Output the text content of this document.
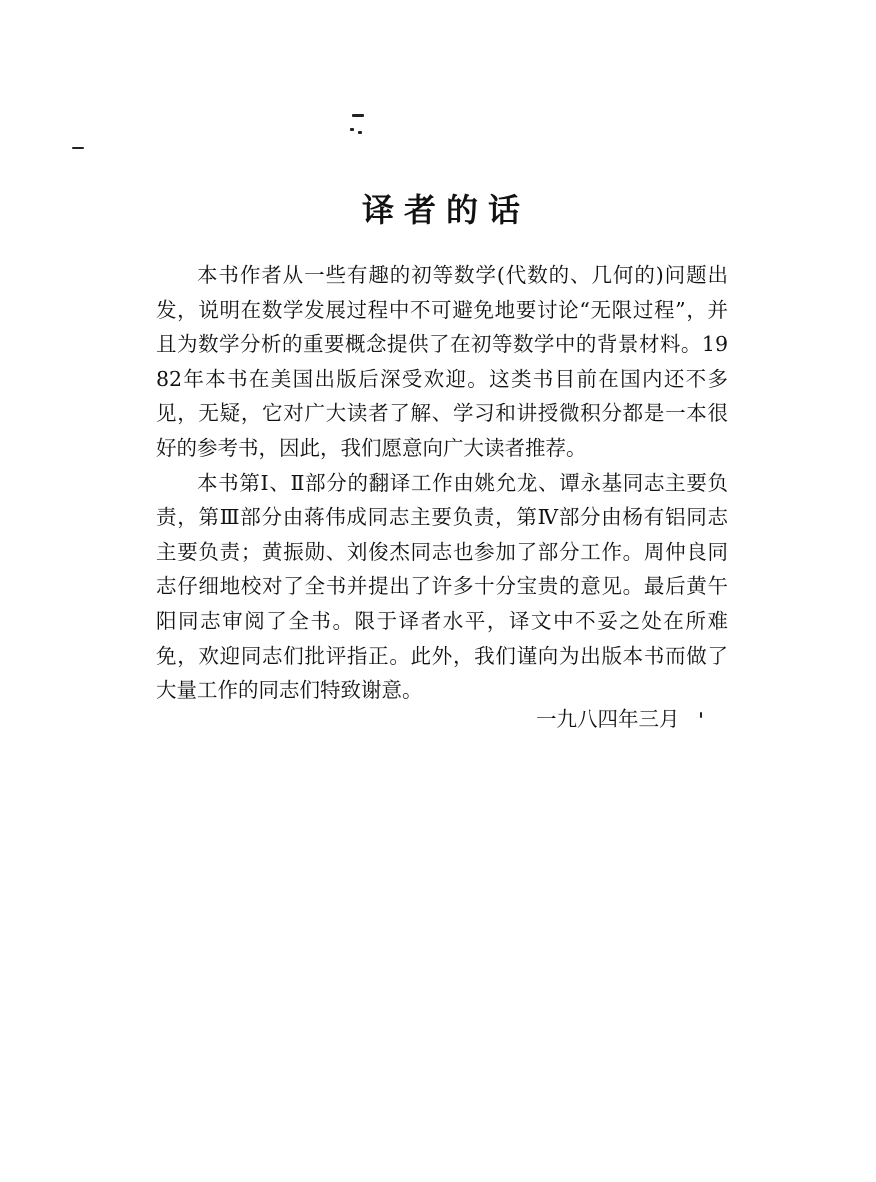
译者的话

本书作者从一些有趣的初等数学(代数的、几何的)问题出发，说明在数学发展过程中不可避免地要讨论“无限过程”，并且为数学分析的重要概念提供了在初等数学中的背景材料。1982年本书在美国出版后深受欢迎。这类书目前在国内还不多见，无疑，它对广大读者了解、学习和讲授微积分都是一本很好的参考书，因此，我们愿意向广大读者推荐。

本书第Ⅰ、Ⅱ部分的翻译工作由姚允龙、谭永基同志主要负责，第Ⅲ部分由蒋伟成同志主要负责，第Ⅳ部分由杨有铝同志主要负责；黄振勋、刘俊杰同志也参加了部分工作。周仲良同志仔细地校对了全书并提出了许多十分宝贵的意见。最后黄午阳同志审阅了全书。限于译者水平，译文中不妥之处在所难免，欢迎同志们批评指正。此外，我们谨向为出版本书而做了大量工作的同志们特致谢意。

一九八四年三月
